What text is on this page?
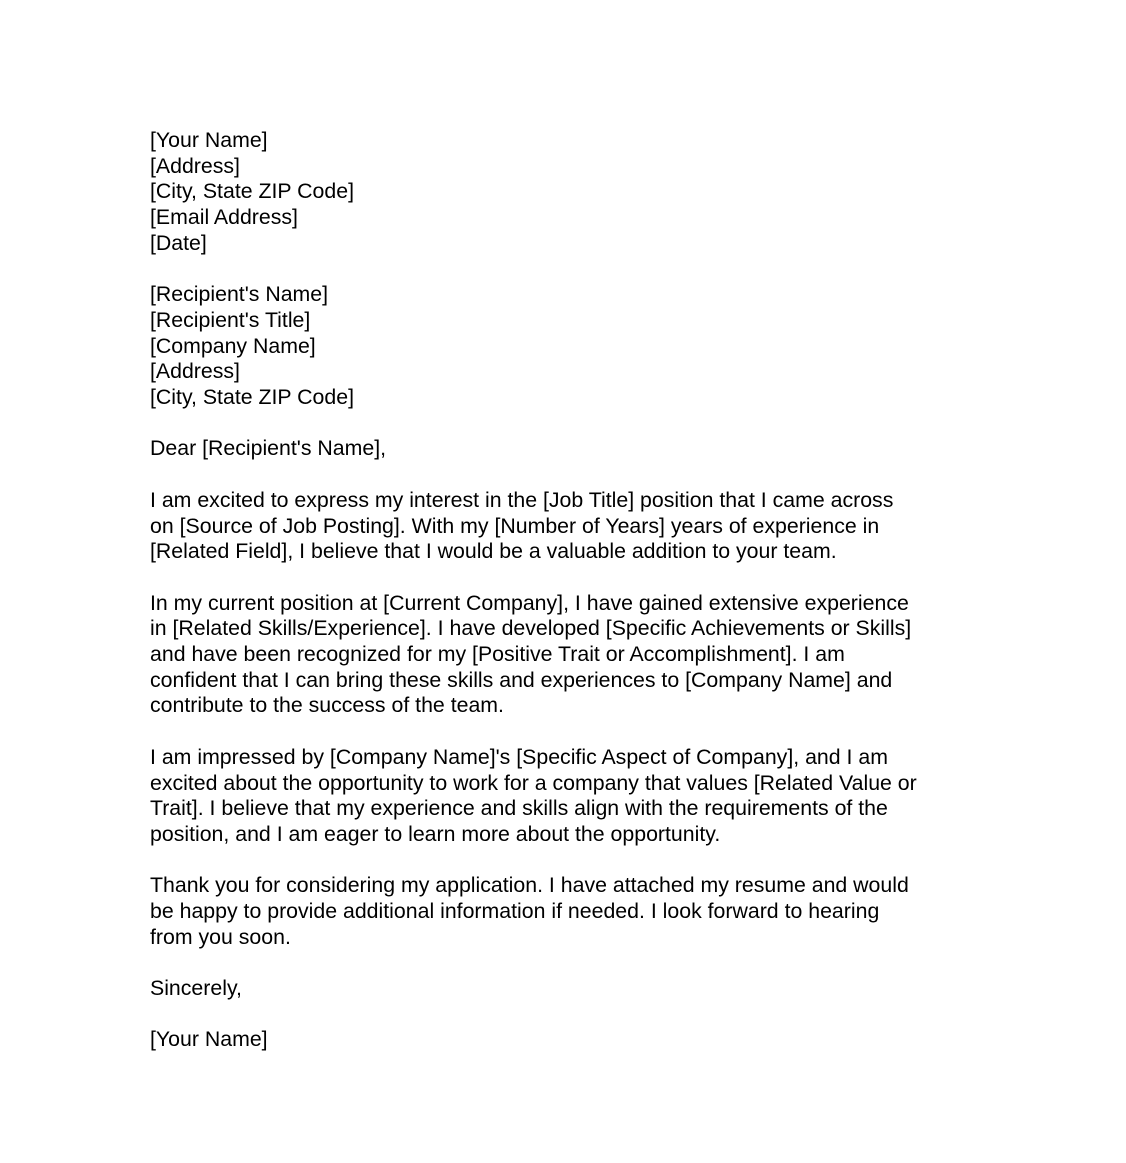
[Your Name]
[Address]
[City, State ZIP Code]
[Email Address]
[Date]
[Recipient's Name]
[Recipient's Title]
[Company Name]
[Address]
[City, State ZIP Code]
Dear [Recipient's Name],
I am excited to express my interest in the [Job Title] position that I came across
on [Source of Job Posting]. With my [Number of Years] years of experience in
[Related Field], I believe that I would be a valuable addition to your team.
In my current position at [Current Company], I have gained extensive experience
in [Related Skills/Experience]. I have developed [Specific Achievements or Skills]
and have been recognized for my [Positive Trait or Accomplishment]. I am
confident that I can bring these skills and experiences to [Company Name] and
contribute to the success of the team.
I am impressed by [Company Name]'s [Specific Aspect of Company], and I am
excited about the opportunity to work for a company that values [Related Value or
Trait]. I believe that my experience and skills align with the requirements of the
position, and I am eager to learn more about the opportunity.
Thank you for considering my application. I have attached my resume and would
be happy to provide additional information if needed. I look forward to hearing
from you soon.
Sincerely,
[Your Name]
